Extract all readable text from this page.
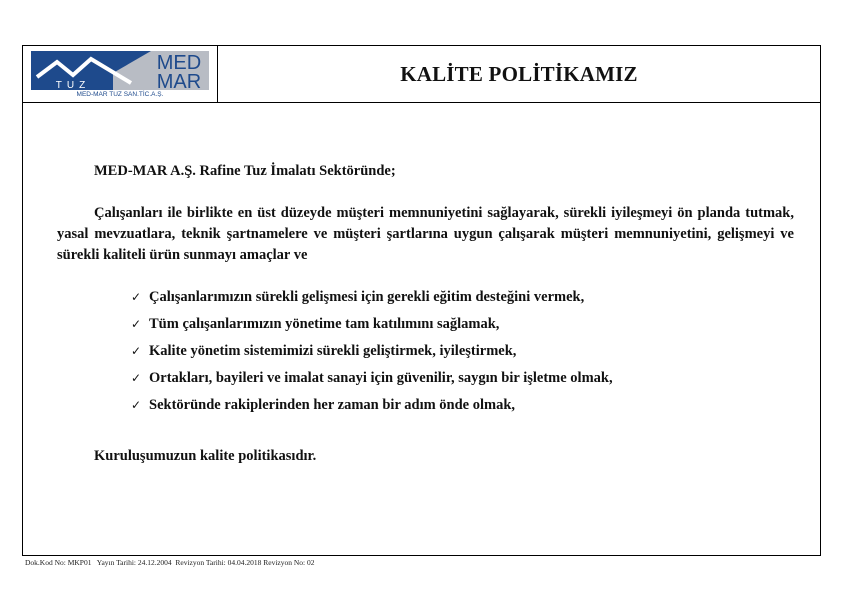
MED
MAR
TUZ
MED-MAR TUZ SAN.TİC.A.Ş.
KALİTE POLİTİKAMIZ
MED-MAR A.Ş. Rafine Tuz İmalatı Sektöründe;
Çalışanları ile birlikte en üst düzeyde müşteri memnuniyetini sağlayarak, sürekli iyileşmeyi ön planda tutmak, yasal mevzuatlara, teknik şartnamelere ve müşteri şartlarına uygun çalışarak müşteri memnuniyetini, gelişmeyi ve sürekli kaliteli ürün sunmayı amaçlar ve
✓ Çalışanlarımızın sürekli gelişmesi için gerekli eğitim desteğini vermek,
✓ Tüm çalışanlarımızın yönetime tam katılımını sağlamak,
✓ Kalite yönetim sistemimizi sürekli geliştirmek, iyileştirmek,
✓ Ortakları, bayileri ve imalat sanayi için güvenilir, saygın bir işletme olmak,
✓ Sektöründe rakiplerinden her zaman bir adım önde olmak,
Kuruluşumuzun kalite politikasıdır.
Dok.Kod No: MKP01   Yayın Tarihi: 24.12.2004  Revizyon Tarihi: 04.04.2018 Revizyon No: 02
